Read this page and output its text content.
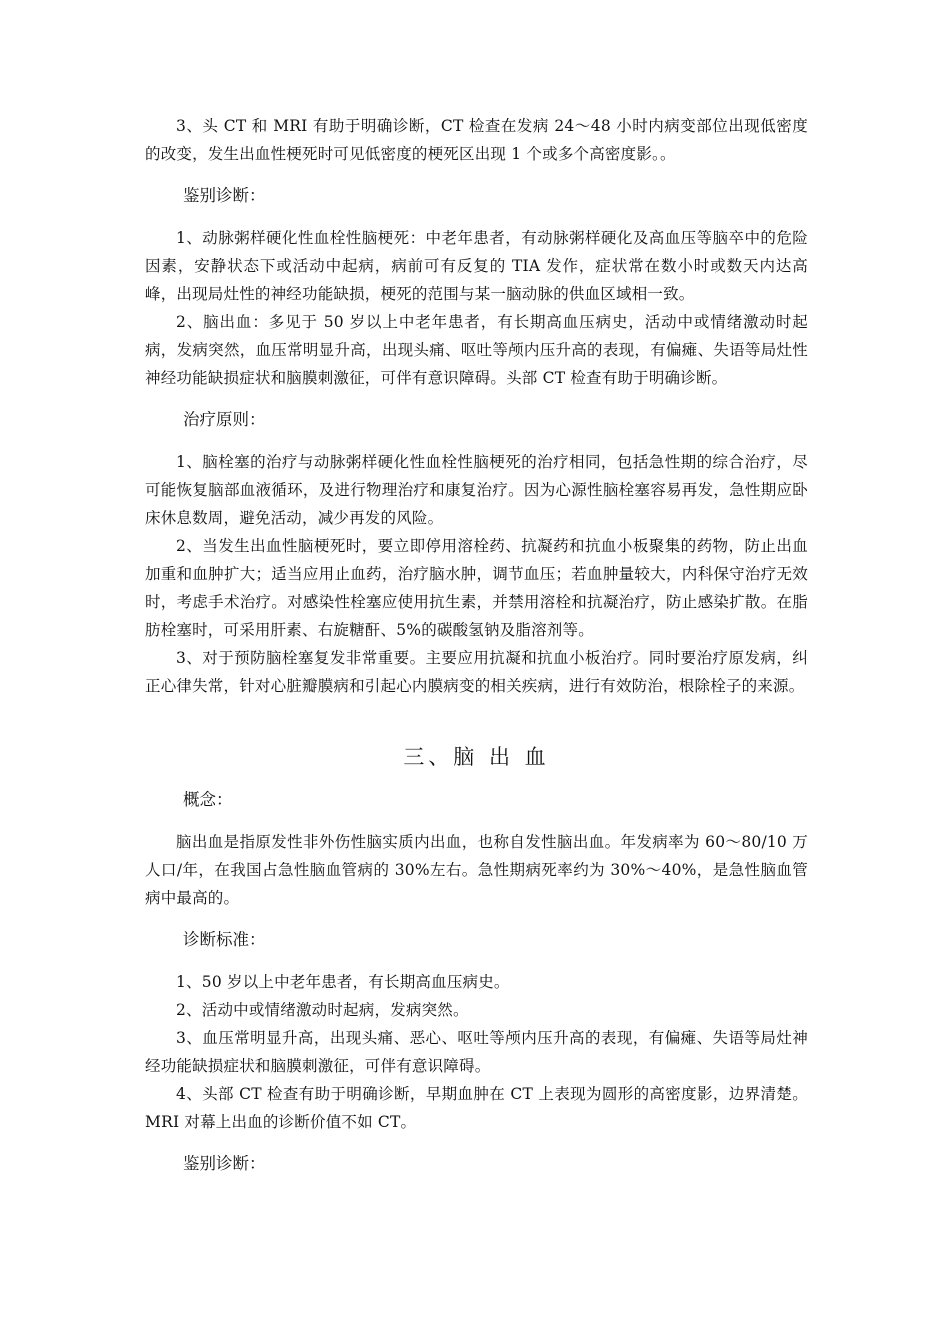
3、头 CT 和 MRI 有助于明确诊断，CT 检查在发病 24～48 小时内病变部位出现低密度的改变，发生出血性梗死时可见低密度的梗死区出现 1 个或多个高密度影。。

鉴别诊断：

1、动脉粥样硬化性血栓性脑梗死：中老年患者，有动脉粥样硬化及高血压等脑卒中的危险因素，安静状态下或活动中起病，病前可有反复的 TIA 发作，症状常在数小时或数天内达高峰，出现局灶性的神经功能缺损，梗死的范围与某一脑动脉的供血区域相一致。

2、脑出血：多见于 50 岁以上中老年患者，有长期高血压病史，活动中或情绪激动时起病，发病突然，血压常明显升高，出现头痛、呕吐等颅内压升高的表现，有偏瘫、失语等局灶性神经功能缺损症状和脑膜刺激征，可伴有意识障碍。头部 CT 检查有助于明确诊断。

治疗原则：

1、脑栓塞的治疗与动脉粥样硬化性血栓性脑梗死的治疗相同，包括急性期的综合治疗，尽可能恢复脑部血液循环，及进行物理治疗和康复治疗。因为心源性脑栓塞容易再发，急性期应卧床休息数周，避免活动，减少再发的风险。

2、当发生出血性脑梗死时，要立即停用溶栓药、抗凝药和抗血小板聚集的药物，防止出血加重和血肿扩大；适当应用止血药，治疗脑水肿，调节血压；若血肿量较大，内科保守治疗无效时，考虑手术治疗。对感染性栓塞应使用抗生素，并禁用溶栓和抗凝治疗，防止感染扩散。在脂肪栓塞时，可采用肝素、右旋糖酐、5%的碳酸氢钠及脂溶剂等。

3、对于预防脑栓塞复发非常重要。主要应用抗凝和抗血小板治疗。同时要治疗原发病，纠正心律失常，针对心脏瓣膜病和引起心内膜病变的相关疾病，进行有效防治，根除栓子的来源。

三、脑 出 血
概念：

脑出血是指原发性非外伤性脑实质内出血，也称自发性脑出血。年发病率为 60～80/10 万人口/年，在我国占急性脑血管病的 30%左右。急性期病死率约为 30%～40%，是急性脑血管病中最高的。

诊断标准：

1、50 岁以上中老年患者，有长期高血压病史。

2、活动中或情绪激动时起病，发病突然。

3、血压常明显升高，出现头痛、恶心、呕吐等颅内压升高的表现，有偏瘫、失语等局灶神经功能缺损症状和脑膜刺激征，可伴有意识障碍。

4、头部 CT 检查有助于明确诊断，早期血肿在 CT 上表现为圆形的高密度影，边界清楚。MRI 对幕上出血的诊断价值不如 CT。

鉴别诊断：
